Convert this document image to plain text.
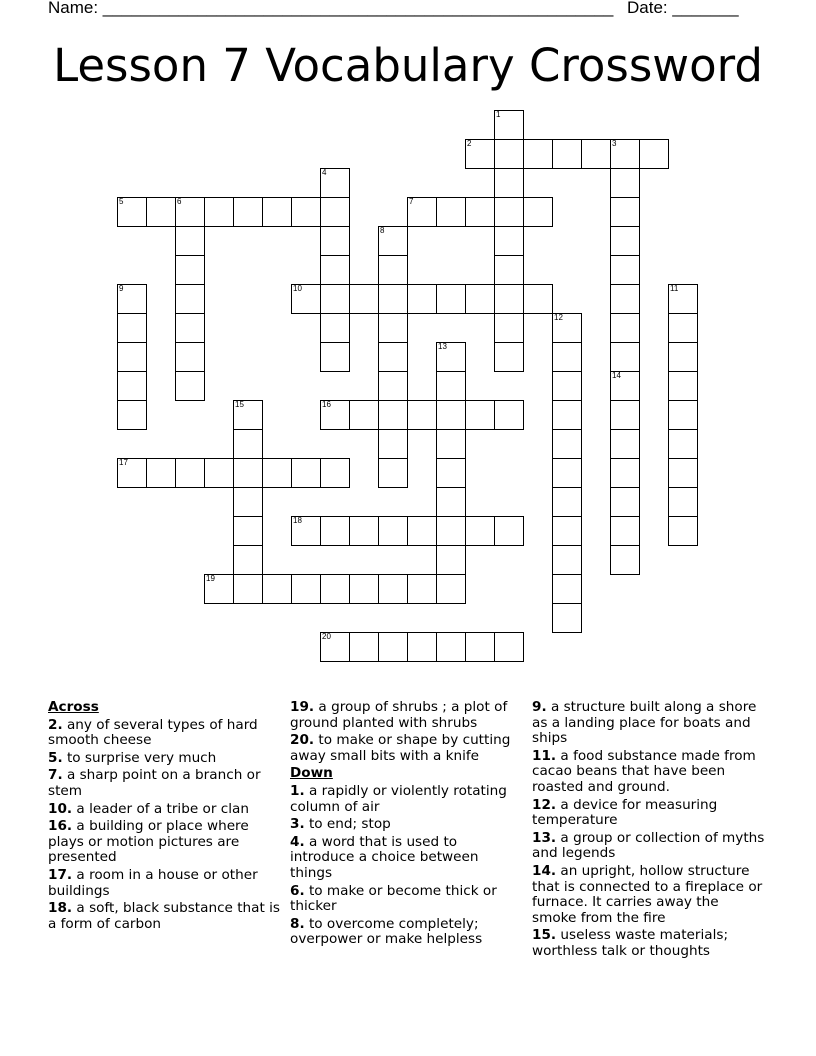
Name: ______________________________________________________ Date: _______
Lesson 7 Vocabulary Crossword
2	3
5	6	7
10
16
17
18
19
20
1
4
8
9	11
12
13
14
15
Across
2. any of several types of hard smooth cheese
5. to surprise very much
7. a sharp point on a branch or stem
10. a leader of a tribe or clan
16. a building or place where plays or motion pictures are presented
17. a room in a house or other buildings
18. a soft, black substance that is a form of carbon
19. a group of shrubs ; a plot of ground planted with shrubs
20. to make or shape by cutting away small bits with a knife
Down
1. a rapidly or violently rotating column of air
3. to end; stop
4. a word that is used to introduce a choice between things
6. to make or become thick or thicker
8. to overcome completely; overpower or make helpless
9. a structure built along a shore as a landing place for boats and ships
11. a food substance made from cacao beans that have been roasted and ground.
12. a device for measuring temperature
13. a group or collection of myths and legends
14. an upright, hollow structure that is connected to a fireplace or furnace. It carries away the smoke from the fire
15. useless waste materials; worthless talk or thoughts
